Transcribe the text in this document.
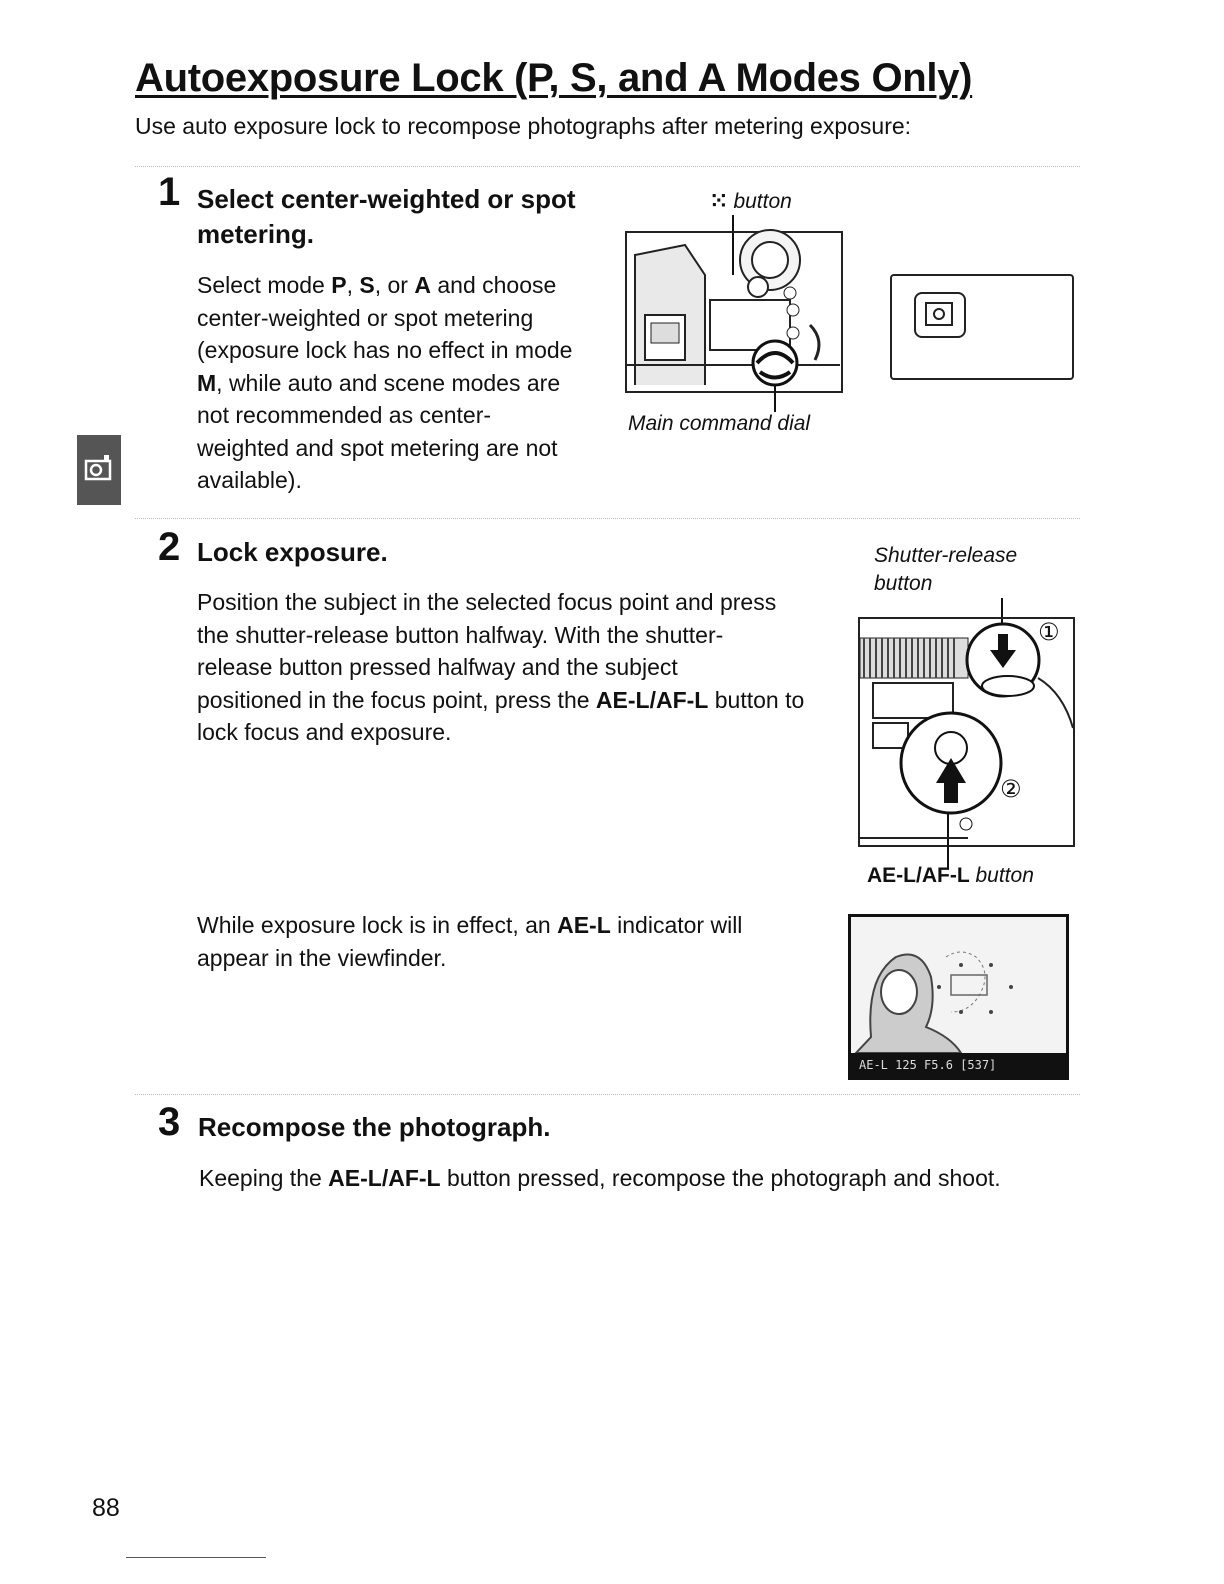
Autoexposure Lock (P, S, and A Modes Only)
Use auto exposure lock to recompose photographs after metering exposure:
1 Select center-weighted or spot
metering.
Select mode P, S, or A and choose
center-weighted or spot metering
(exposure lock has no effect in mode
M, while auto and scene modes are
not recommended as center-
weighted and spot metering are not
available).
⁙ button
Main command dial
2 Lock exposure.
Position the subject in the selected focus point and press
the shutter-release button halfway. With the shutter-
release button pressed halfway and the subject
positioned in the focus point, press the AE-L/AF-L button to
lock focus and exposure.
Shutter-release
button
①
②
AE-L/AF-L button
While exposure lock is in effect, an AE-L indicator will
appear in the viewfinder.
AE-L 125 F5.6 [537]
3 Recompose the photograph.
Keeping the AE-L/AF-L button pressed, recompose the photograph and shoot.
88
